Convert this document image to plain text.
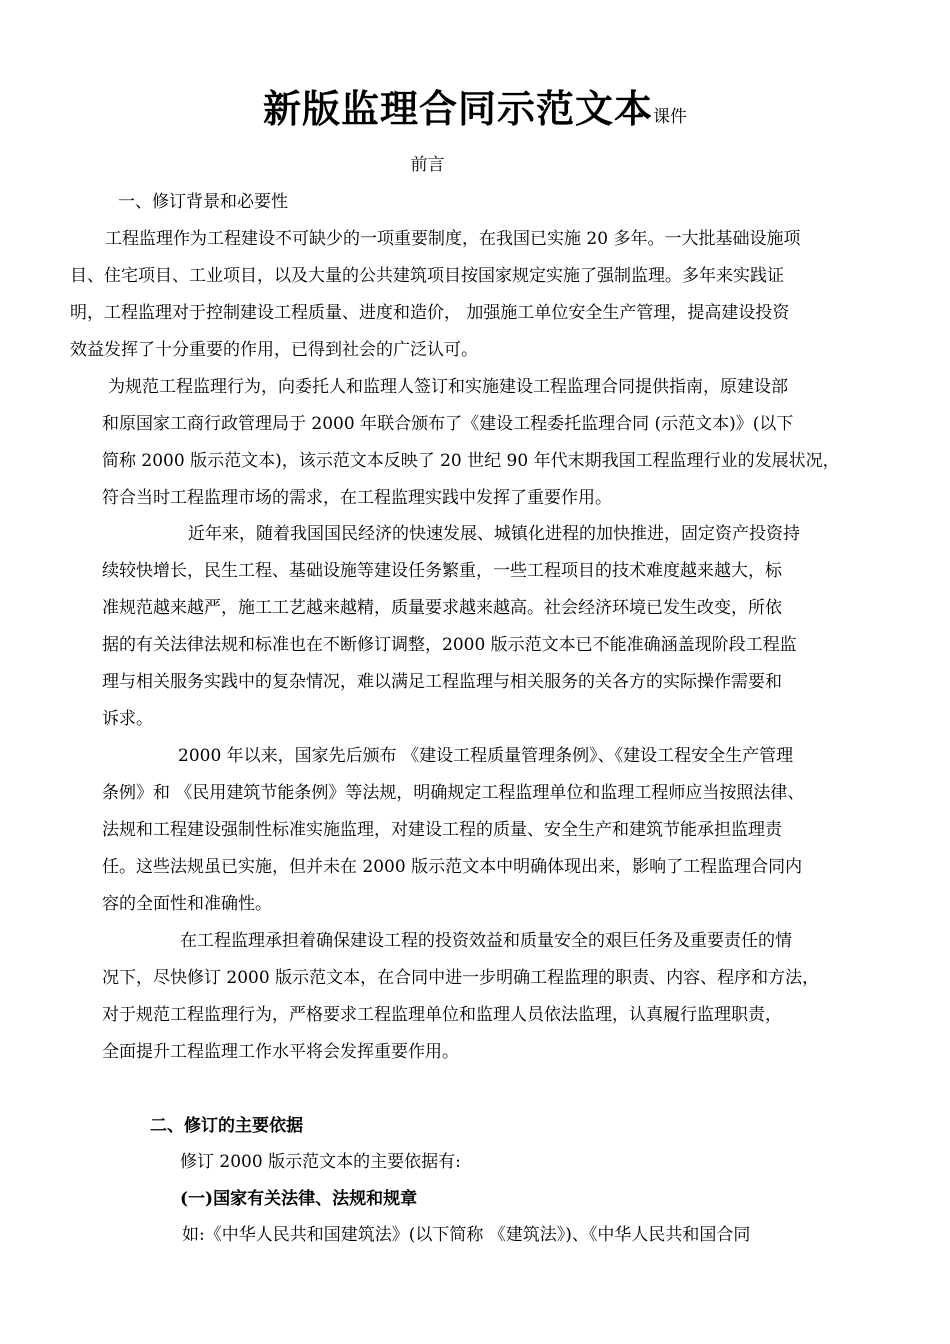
新版监理合同示范文本课件
前言
一、修订背景和必要性
工程监理作为工程建设不可缺少的一项重要制度，在我国已实施 20 多年。一大批基础设施项
目、住宅项目、工业项目，以及大量的公共建筑项目按国家规定实施了强制监理。多年来实践证
明，工程监理对于控制建设工程质量、进度和造价， 加强施工单位安全生产管理，提高建设投资
效益发挥了十分重要的作用，已得到社会的广泛认可。
为规范工程监理行为，向委托人和监理人签订和实施建设工程监理合同提供指南，原建设部
和原国家工商行政管理局于 2000 年联合颁布了《建设工程委托监理合同 (示范文本)》(以下
简称 2000 版示范文本)，该示范文本反映了 20 世纪 90 年代末期我国工程监理行业的发展状况，
符合当时工程监理市场的需求，在工程监理实践中发挥了重要作用。
近年来，随着我国国民经济的快速发展、城镇化进程的加快推进，固定资产投资持
续较快增长，民生工程、基础设施等建设任务繁重，一些工程项目的技术难度越来越大，标
准规范越来越严，施工工艺越来越精，质量要求越来越高。社会经济环境已发生改变，所依
据的有关法律法规和标准也在不断修订调整，2000 版示范文本已不能准确涵盖现阶段工程监
理与相关服务实践中的复杂情况，难以满足工程监理与相关服务的关各方的实际操作需要和
诉求。
2000 年以来，国家先后颁布 《建设工程质量管理条例》、《建设工程安全生产管理
条例》和 《民用建筑节能条例》等法规，明确规定工程监理单位和监理工程师应当按照法律、
法规和工程建设强制性标准实施监理，对建设工程的质量、安全生产和建筑节能承担监理责
任。这些法规虽已实施，但并未在 2000 版示范文本中明确体现出来，影响了工程监理合同内
容的全面性和准确性。
在工程监理承担着确保建设工程的投资效益和质量安全的艰巨任务及重要责任的情
况下，尽快修订 2000 版示范文本，在合同中进一步明确工程监理的职责、内容、程序和方法，
对于规范工程监理行为，严格要求工程监理单位和监理人员依法监理，认真履行监理职责，
全面提升工程监理工作水平将会发挥重要作用。
二、修订的主要依据
修订 2000 版示范文本的主要依据有:
(一)国家有关法律、法规和规章
如:《中华人民共和国建筑法》(以下简称 《建筑法》)、《中华人民共和国合同
